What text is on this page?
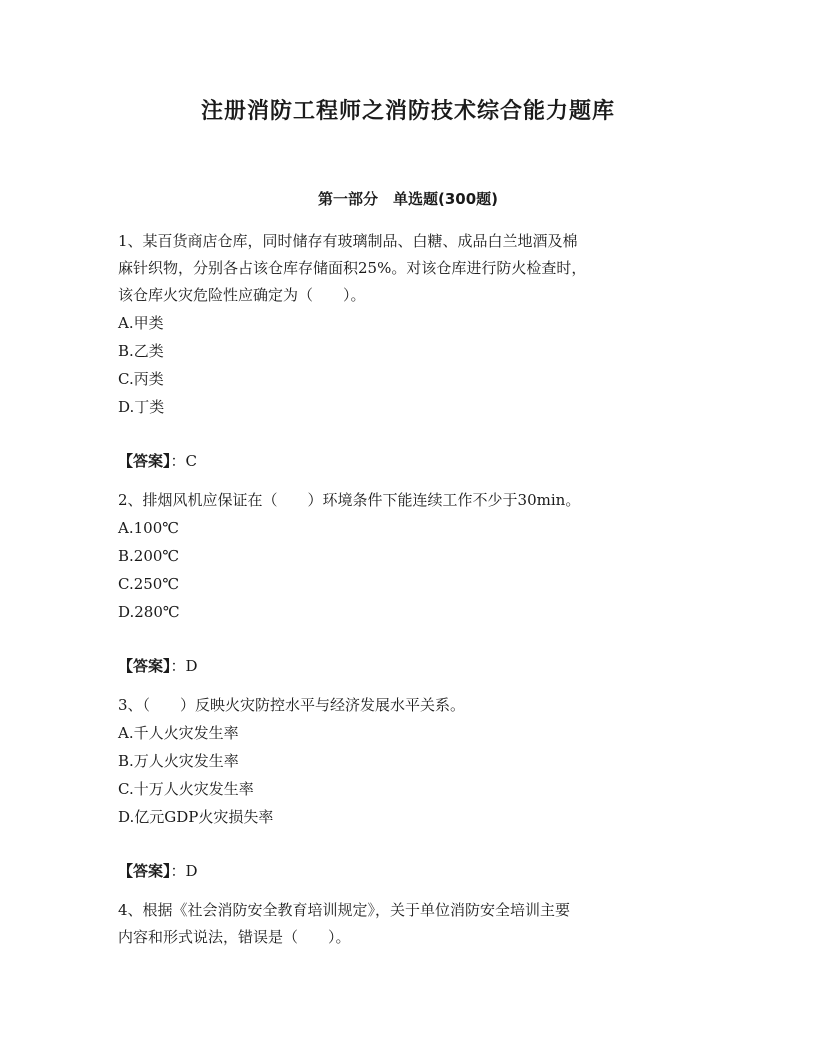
注册消防工程师之消防技术综合能力题库
第一部分　单选题(300题)

1、某百货商店仓库，同时储存有玻璃制品、白糖、成品白兰地酒及棉
麻针织物，分别各占该仓库存储面积25%。对该仓库进行防火检查时，
该仓库火灾危险性应确定为（　　）。

A.甲类

B.乙类

C.丙类

D.丁类

【答案】：C

2、排烟风机应保证在（　　）环境条件下能连续工作不少于30min。

A.100℃

B.200℃

C.250℃

D.280℃

【答案】：D

3、（　　）反映火灾防控水平与经济发展水平关系。

A.千人火灾发生率

B.万人火灾发生率

C.十万人火灾发生率

D.亿元GDP火灾损失率

【答案】：D

4、根据《社会消防安全教育培训规定》，关于单位消防安全培训主要
内容和形式说法，错误是（　　）。
